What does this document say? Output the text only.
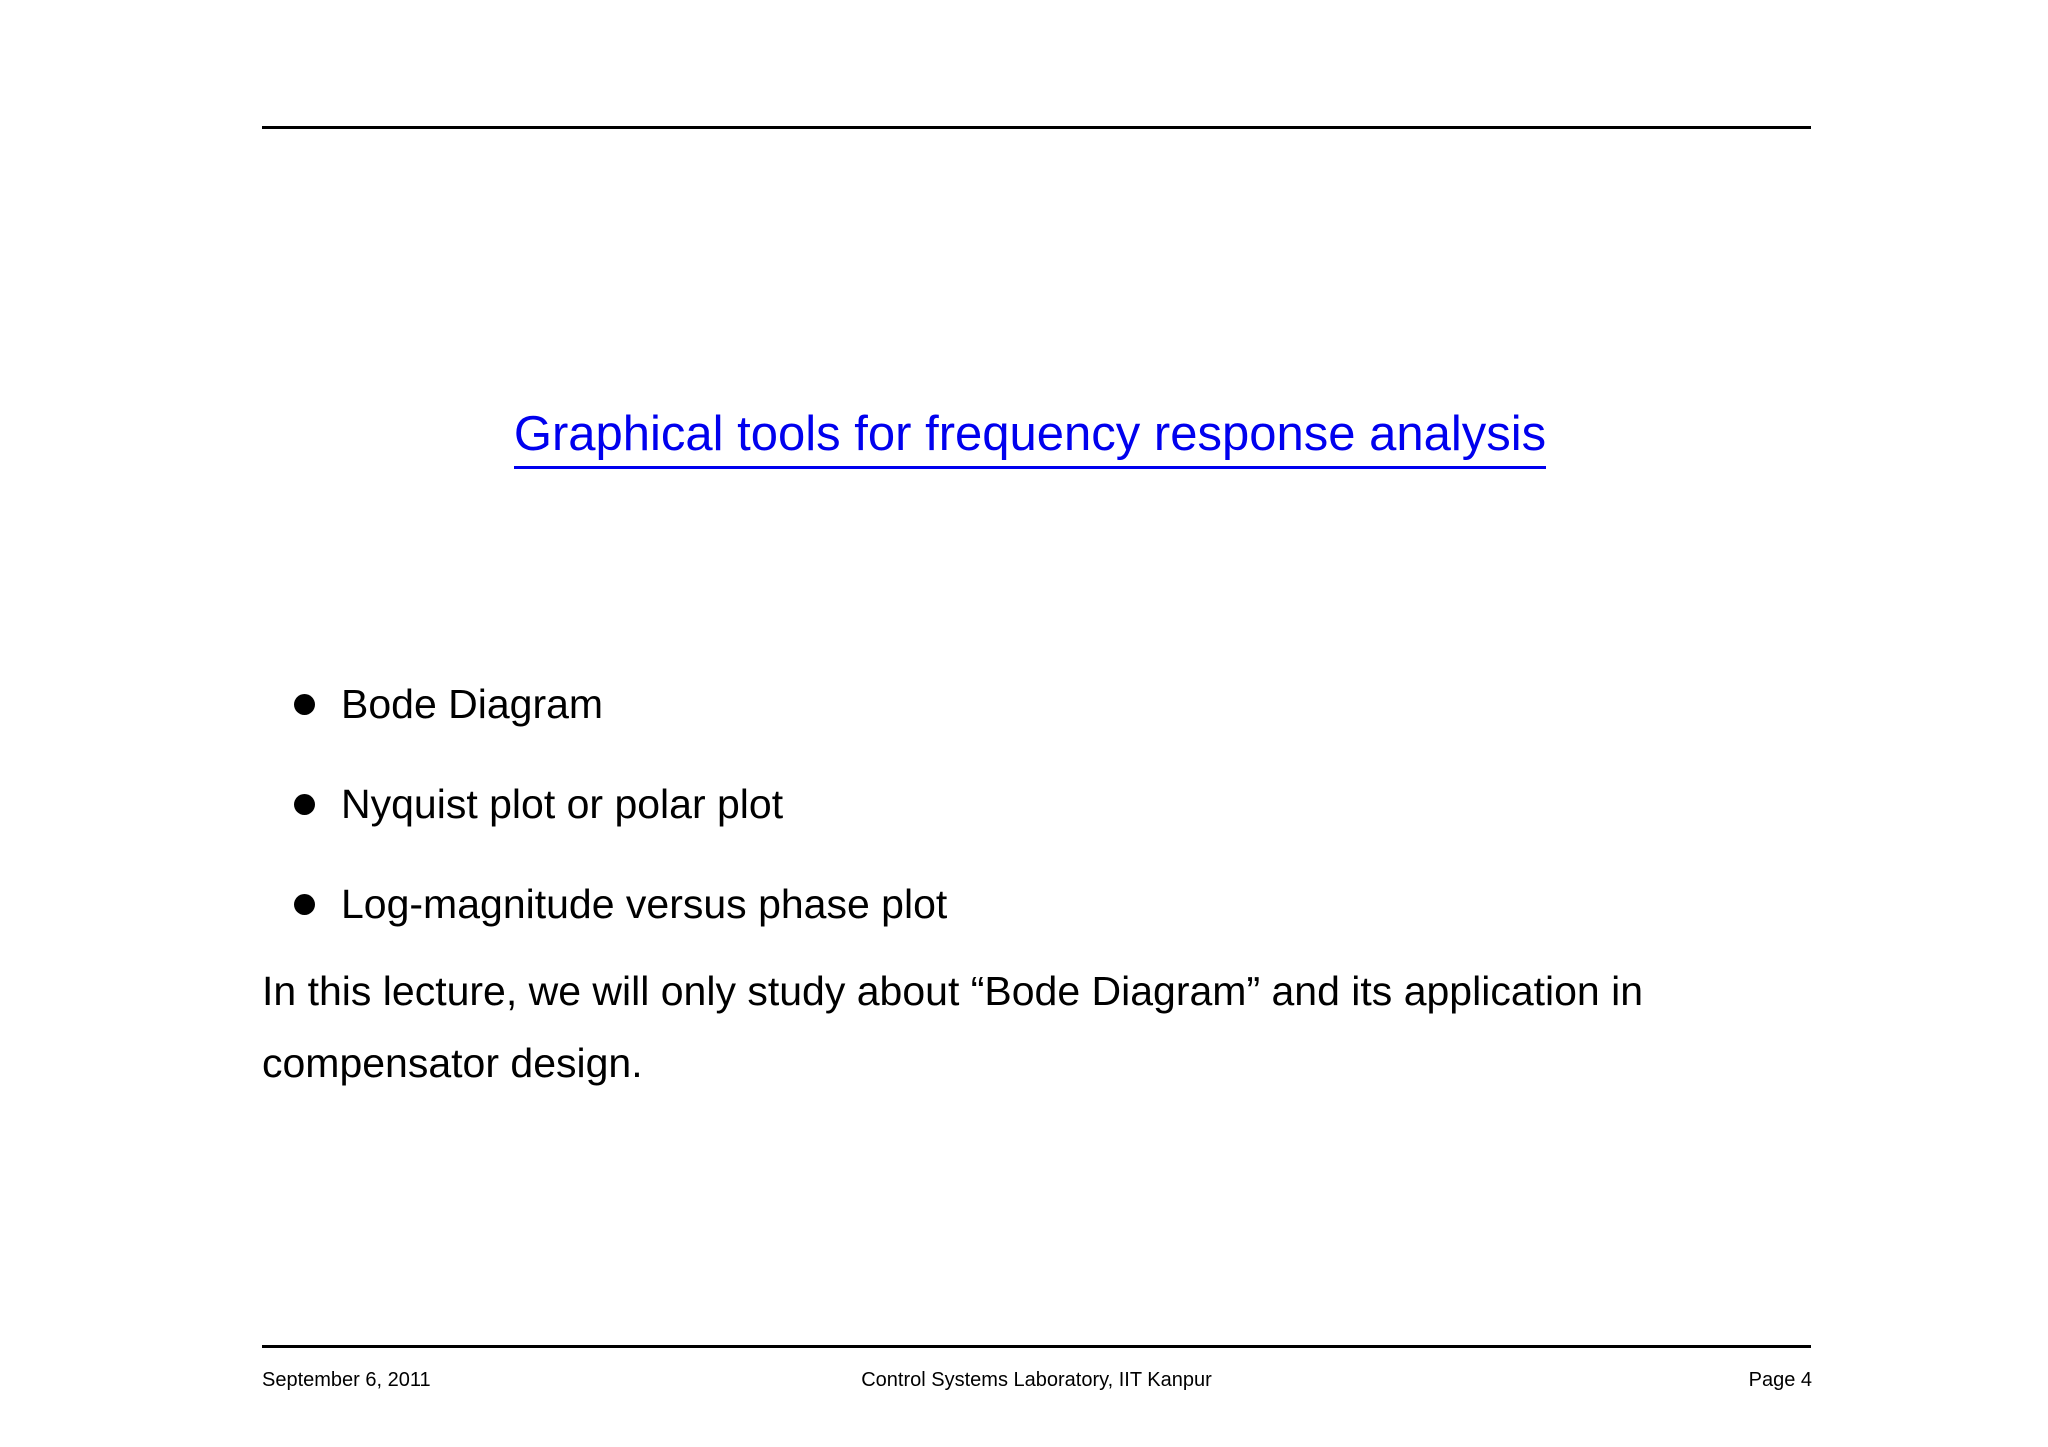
Graphical tools for frequency response analysis
Bode Diagram
Nyquist plot or polar plot
Log-magnitude versus phase plot

In this lecture, we will only study about “Bode Diagram” and its application in compensator design.

September 6, 2011	Control Systems Laboratory, IIT Kanpur	Page 4
